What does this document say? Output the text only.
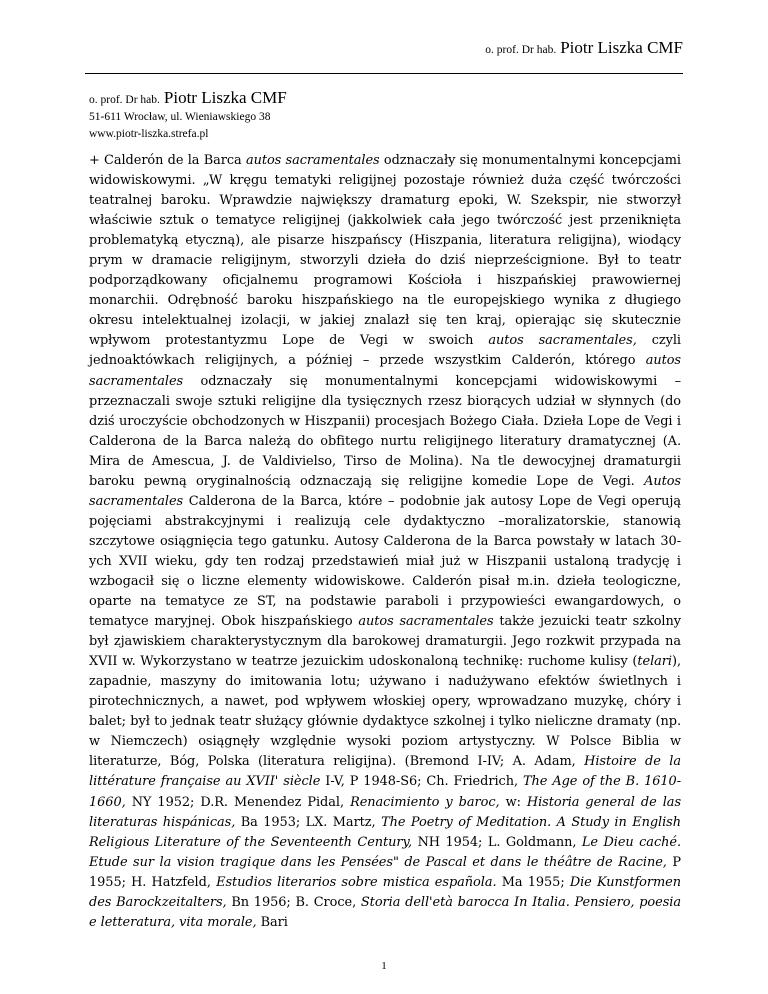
o. prof. Dr hab. Piotr Liszka CMF
o. prof. Dr hab. Piotr Liszka CMF
51-611 Wrocław, ul. Wieniawskiego 38
www.piotr-liszka.strefa.pl
+ Calderón de la Barca autos sacramentales odznaczały się monumentalnymi koncepcjami widowiskowymi. „W kręgu tematyki religijnej pozostaje również duża część twórczości teatralnej baroku. Wprawdzie największy dramaturg epoki, W. Szekspir, nie stworzył właściwie sztuk o tematyce religijnej (jakkolwiek cała jego twórczość jest przeniknięta problematyką etyczną), ale pisarze hiszpańscy (Hiszpania, literatura religijna), wiodący prym w dramacie religijnym, stworzyli dzieła do dziś nieprześcignione. Był to teatr podporządkowany oficjalnemu programowi Kościoła i hiszpańskiej prawowiernej monarchii. Odrębność baroku hiszpańskiego na tle europejskiego wynika z długiego okresu intelektualnej izolacji, w jakiej znalazł się ten kraj, opierając się skutecznie wpływom protestantyzmu Lope de Vegi w swoich autos sacramentales, czyli jednoaktówkach religijnych, a później – przede wszystkim Calderón, którego autos sacramentales odznaczały się monumentalnymi koncepcjami widowiskowymi – przeznaczali swoje sztuki religijne dla tysięcznych rzesz biorących udział w słynnych (do dziś uroczyście obchodzonych w Hiszpanii) procesjach Bożego Ciała. Dzieła Lope de Vegi i Calderona de la Barca należą do obfitego nurtu religijnego literatury dramatycznej (A. Mira de Amescua, J. de Valdivielso, Tirso de Molina). Na tle dewocyjnej dramaturgii baroku pewną oryginalnością odznaczają się religijne komedie Lope de Vegi. Autos sacramentales Calderona de la Barca, które – podobnie jak autosy Lope de Vegi operują pojęciami abstrakcyjnymi i realizują cele dydaktyczno –moralizatorskie, stanowią szczytowe osiągnięcia tego gatunku. Autosy Calderona de la Barca powstały w latach 30-ych XVII wieku, gdy ten rodzaj przedstawień miał już w Hiszpanii ustaloną tradycję i wzbogacił się o liczne elementy widowiskowe. Calderón pisał m.in. dzieła teologiczne, oparte na tematyce ze ST, na podstawie paraboli i przypowieści ewangardowych, o tematyce maryjnej. Obok hiszpańskiego autos sacramentales także jezuicki teatr szkolny był zjawiskiem charakterystycznym dla barokowej dramaturgii. Jego rozkwit przypada na XVII w. Wykorzystano w teatrze jezuickim udoskonaloną technikę: ruchome kulisy (telari), zapadnie, maszyny do imitowania lotu; używano i nadużywano efektów świetlnych i pirotechnicznych, a nawet, pod wpływem włoskiej opery, wprowadzano muzykę, chóry i balet; był to jednak teatr służący głównie dydaktyce szkolnej i tylko nieliczne dramaty (np. w Niemczech) osiągnęły względnie wysoki poziom artystyczny. W Polsce Biblia w literaturze, Bóg, Polska (literatura religijna). (Bremond I-IV; A. Adam, Histoire de la littérature française au XVII' siècle I-V, P 1948-S6; Ch. Friedrich, The Age of the B. 1610-1660, NY 1952; D.R. Menendez Pidal, Renacimiento y baroc, w: Historia general de las literaturas hispánicas, Ba 1953; LX. Martz, The Poetry of Meditation. A Study in English Religious Literature of the Seventeenth Century, NH 1954; L. Goldmann, Le Dieu caché. Etude sur la vision tragique dans les Pensées" de Pascal et dans le théâtre de Racine, P 1955; H. Hatzfeld, Estudios literarios sobre mistica española. Ma 1955; Die Kunstformen des Barockzeitalters, Bn 1956; B. Croce, Storia dell'età barocca In Italia. Pensiero, poesia e letteratura, vita morale, Bari
1
